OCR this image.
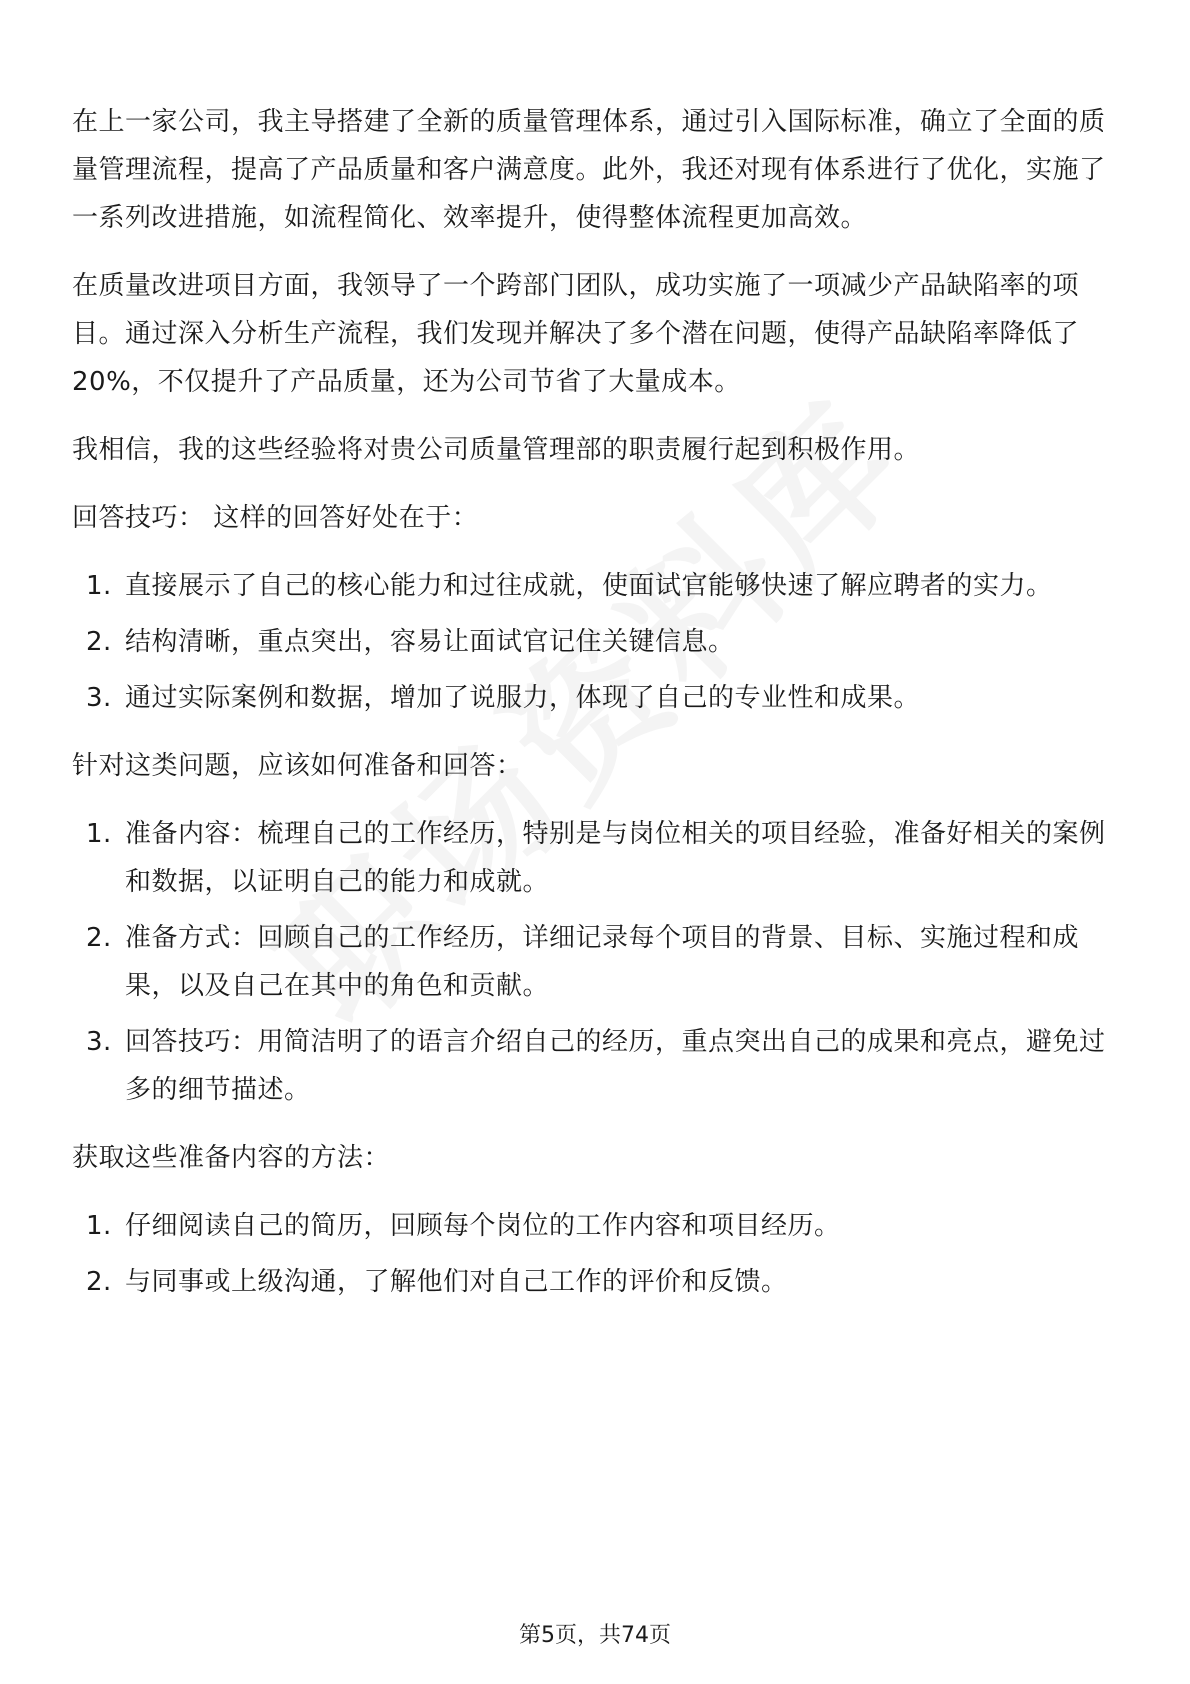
在上一家公司，我主导搭建了全新的质量管理体系，通过引入国际标准，确立了全面的质量管理流程，提高了产品质量和客户满意度。此外，我还对现有体系进行了优化，实施了一系列改进措施，如流程简化、效率提升，使得整体流程更加高效。

在质量改进项目方面，我领导了一个跨部门团队，成功实施了一项减少产品缺陷率的项目。通过深入分析生产流程，我们发现并解决了多个潜在问题，使得产品缺陷率降低了20%，不仅提升了产品质量，还为公司节省了大量成本。

我相信，我的这些经验将对贵公司质量管理部的职责履行起到积极作用。

回答技巧： 这样的回答好处在于：

1. 直接展示了自己的核心能力和过往成就，使面试官能够快速了解应聘者的实力。
2. 结构清晰，重点突出，容易让面试官记住关键信息。
3. 通过实际案例和数据，增加了说服力，体现了自己的专业性和成果。

针对这类问题，应该如何准备和回答：

1. 准备内容：梳理自己的工作经历，特别是与岗位相关的项目经验，准备好相关的案例和数据，以证明自己的能力和成就。
2. 准备方式：回顾自己的工作经历，详细记录每个项目的背景、目标、实施过程和成果，以及自己在其中的角色和贡献。
3. 回答技巧：用简洁明了的语言介绍自己的经历，重点突出自己的成果和亮点，避免过多的细节描述。

获取这些准备内容的方法：

1. 仔细阅读自己的简历，回顾每个岗位的工作内容和项目经历。
2. 与同事或上级沟通，了解他们对自己工作的评价和反馈。
第5页，共74页
